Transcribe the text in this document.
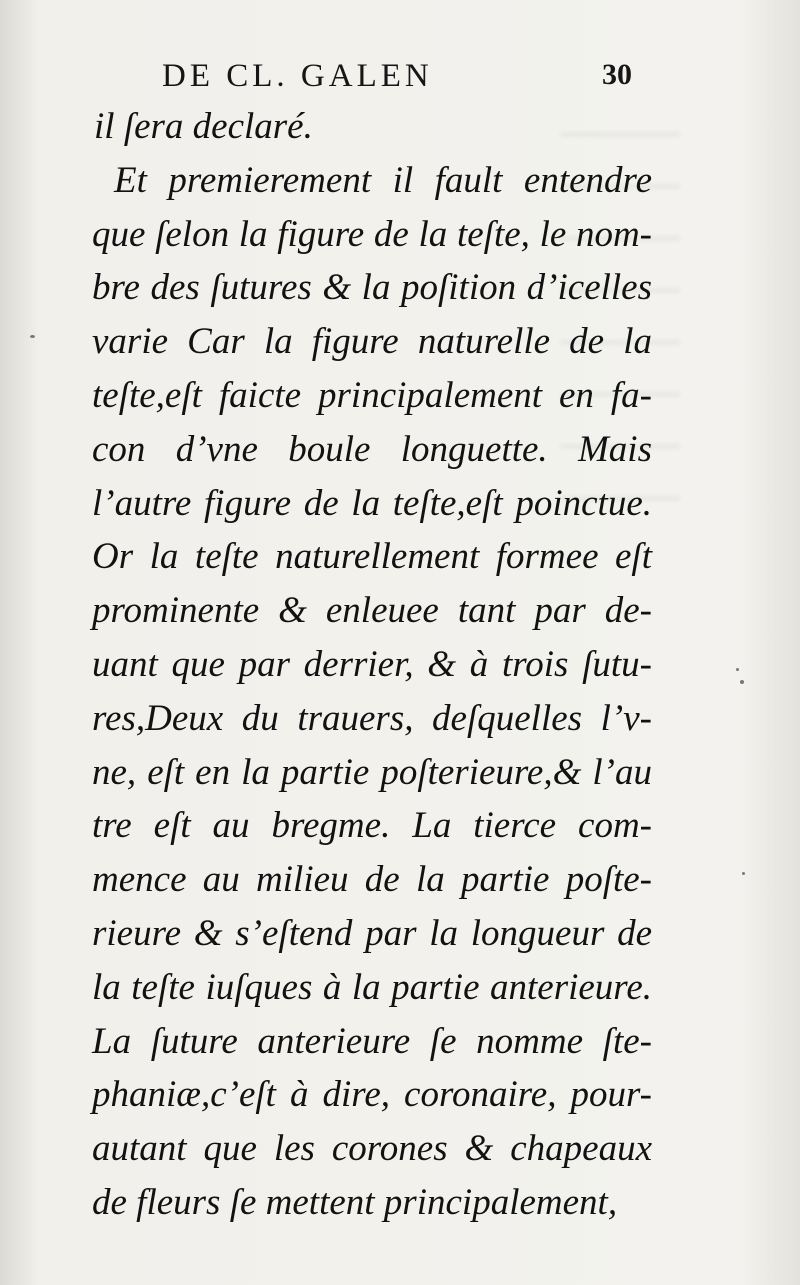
DE CL. GALEN	30
il ſera declaré.
Et premierement il fault entendre
que ſelon la figure de la teſte, le nom-
bre des ſutures & la poſition d’icelles
varie Car la figure naturelle de la
teſte,eſt faicte principalement en fa-
con d’vne boule longuette. Mais
l’autre figure de la teſte,eſt poinctue.
Or la teſte naturellement formee eſt
prominente & enleuee tant par de-
uant que par derrier, & à trois ſutu-
res,Deux du trauers, deſquelles l’v-
ne, eſt en la partie poſterieure,& l’au
tre eſt au bregme. La tierce com-
mence au milieu de la partie poſte-
rieure & s’eſtend par la longueur de
la teſte iuſques à la partie anterieure.
La ſuture anterieure ſe nomme ſte-
phaniæ,c’eſt à dire, coronaire, pour-
autant que les corones & chapeaux
de fleurs ſe mettent principalement,
